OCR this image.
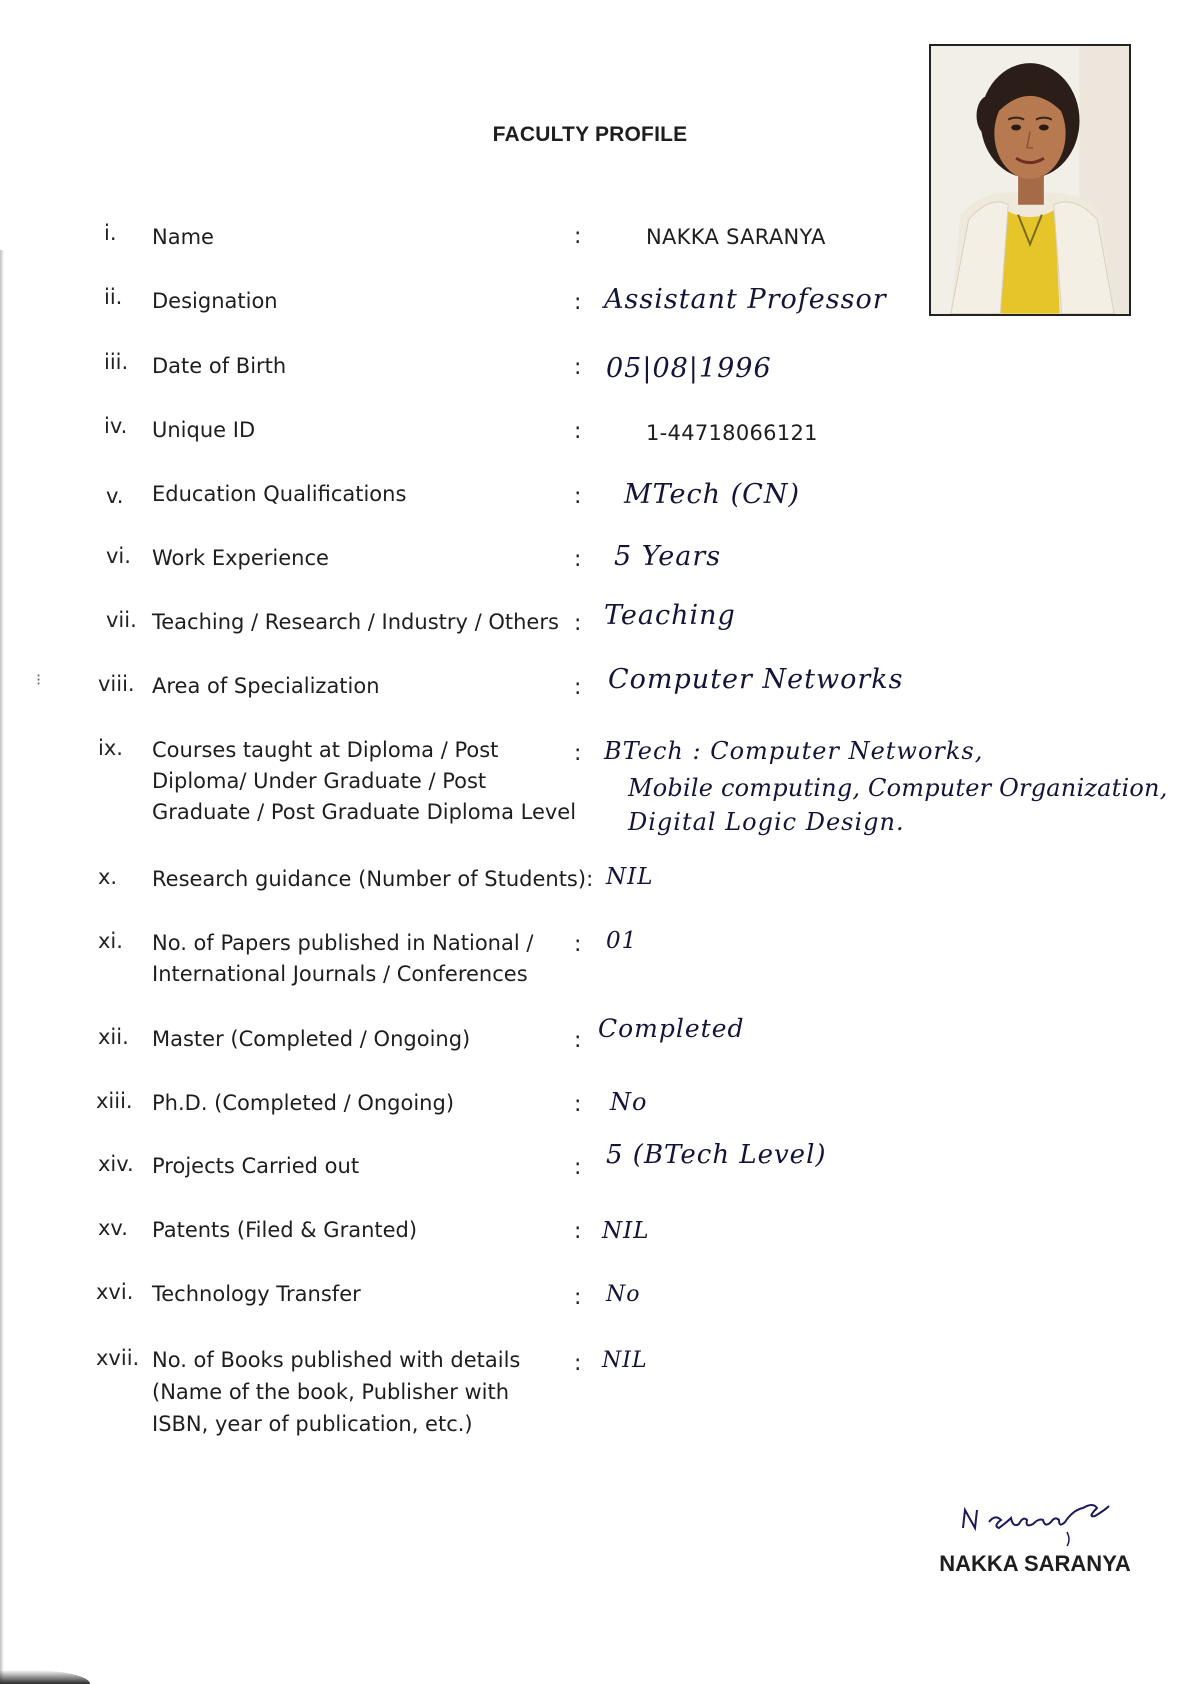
FACULTY PROFILE
i. Name	:	NAKKA SARANYA
ii. Designation	: Assistant Professor
iii. Date of Birth	: 05|08|1996
iv. Unique ID	:	1-44718066121
v. Education Qualifications	: MTech (CN)
vi. Work Experience	: 5 Years
vii. Teaching / Research / Industry / Others : Teaching
viii. Area of Specialization	: Computer Networks
ix. Courses taught at Diploma / Post
Diploma/ Under Graduate / Post
Graduate / Post Graduate Diploma Level
: BTech : Computer Networks,
Mobile computing, Computer Organization,
Digital Logic Design.
x. Research guidance (Number of Students): NIL
xi. No. of Papers published in National /
International Journals / Conferences
: 01
xii. Master (Completed / Ongoing)	: Completed
xiii. Ph.D. (Completed / Ongoing)	: No
xiv. Projects Carried out	: 5 (BTech Level)
xv. Patents (Filed & Granted)	: NIL
xvi. Technology Transfer	: No
xvii. No. of Books published with details
(Name of the book, Publisher with
ISBN, year of publication, etc.)
: NIL
⁝
NAKKA SARANYA
